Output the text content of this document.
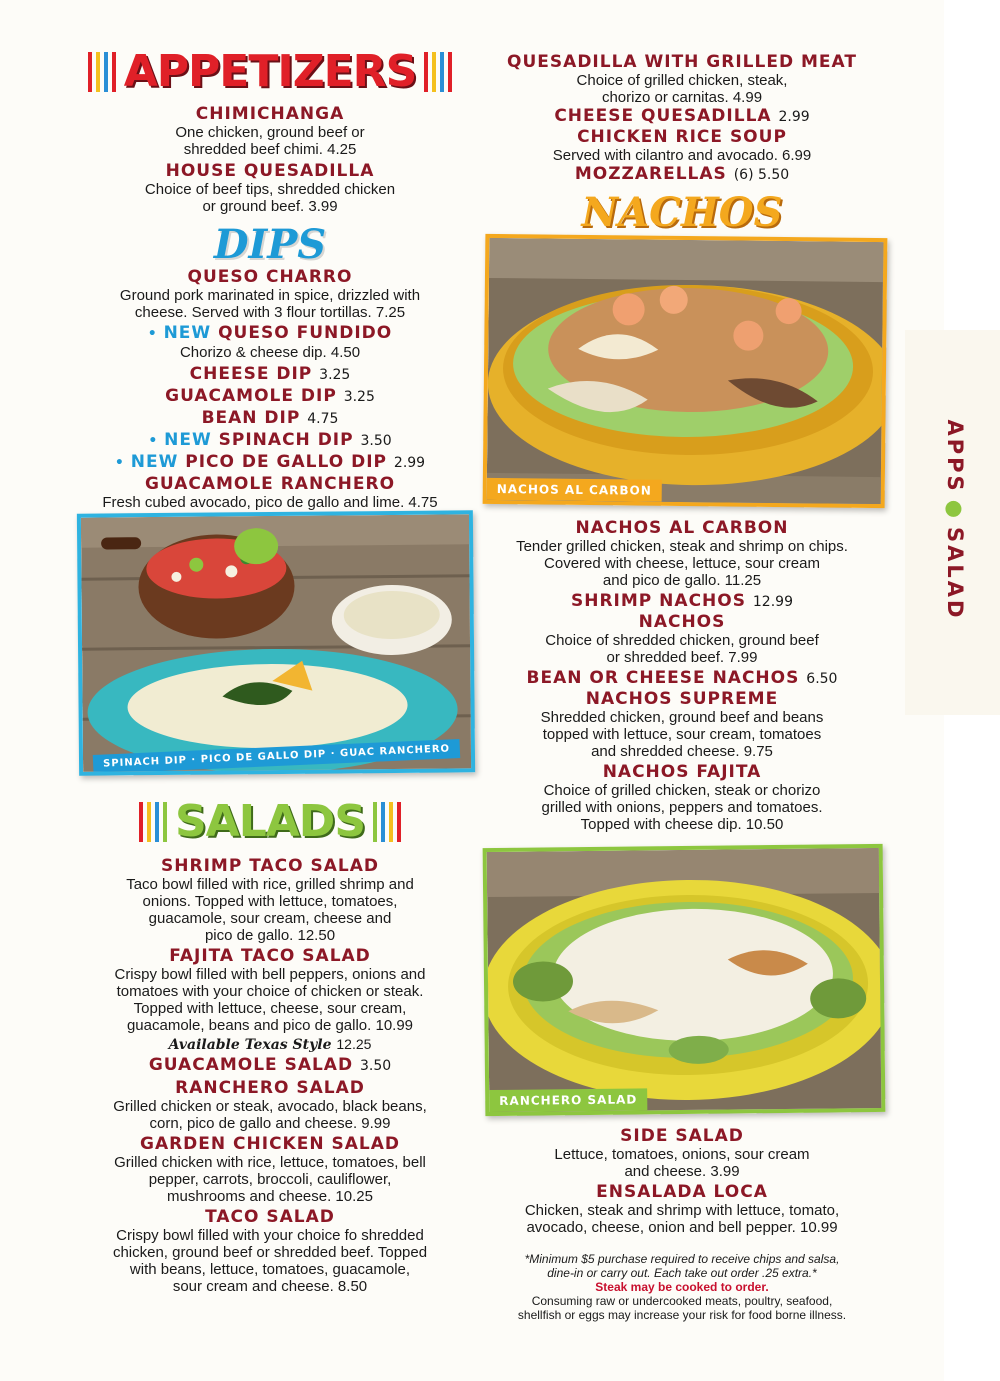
APPS●SALAD
APPETIZERS
CHIMICHANGA
One chicken, ground beef or
shredded beef chimi. 4.25
HOUSE QUESADILLA
Choice of beef tips, shredded chicken
or ground beef. 3.99
DIPS
QUESO CHARRO
Ground pork marinated in spice, drizzled with
cheese. Served with 3 flour tortillas. 7.25
• NEW QUESO FUNDIDO
Chorizo & cheese dip. 4.50
CHEESE DIP 3.25
GUACAMOLE DIP 3.25
BEAN DIP 4.75
• NEW SPINACH DIP 3.50
• NEW PICO DE GALLO DIP 2.99
GUACAMOLE RANCHERO
Fresh cubed avocado, pico de gallo and lime. 4.75
SPINACH DIP · PICO DE GALLO DIP · GUAC RANCHERO
SALADS
SHRIMP TACO SALAD
Taco bowl filled with rice, grilled shrimp and
onions. Topped with lettuce, tomatoes,
guacamole, sour cream, cheese and
pico de gallo. 12.50
FAJITA TACO SALAD
Crispy bowl filled with bell peppers, onions and
tomatoes with your choice of chicken or steak.
Topped with lettuce, cheese, sour cream,
guacamole, beans and pico de gallo. 10.99
Available Texas Style 12.25
GUACAMOLE SALAD 3.50
RANCHERO SALAD
Grilled chicken or steak, avocado, black beans,
corn, pico de gallo and cheese. 9.99
GARDEN CHICKEN SALAD
Grilled chicken with rice, lettuce, tomatoes, bell
pepper, carrots, broccoli, cauliflower,
mushrooms and cheese. 10.25
TACO SALAD
Crispy bowl filled with your choice fo shredded
chicken, ground beef or shredded beef. Topped
with beans, lettuce, tomatoes, guacamole,
sour cream and cheese. 8.50
QUESADILLA WITH GRILLED MEAT
Choice of grilled chicken, steak,
chorizo or carnitas. 4.99
CHEESE QUESADILLA 2.99
CHICKEN RICE SOUP
Served with cilantro and avocado. 6.99
MOZZARELLAS (6) 5.50
NACHOS
NACHOS AL CARBON
NACHOS AL CARBON
Tender grilled chicken, steak and shrimp on chips.
Covered with cheese, lettuce, sour cream
and pico de gallo. 11.25
SHRIMP NACHOS 12.99
NACHOS
Choice of shredded chicken, ground beef
or shredded beef. 7.99
BEAN OR CHEESE NACHOS 6.50
NACHOS SUPREME
Shredded chicken, ground beef and beans
topped with lettuce, sour cream, tomatoes
and shredded cheese. 9.75
NACHOS FAJITA
Choice of grilled chicken, steak or chorizo
grilled with onions, peppers and tomatoes.
Topped with cheese dip. 10.50
RANCHERO SALAD
SIDE SALAD
Lettuce, tomatoes, onions, sour cream
and cheese. 3.99
ENSALADA LOCA
Chicken, steak and shrimp with lettuce, tomato,
avocado, cheese, onion and bell pepper. 10.99
*Minimum $5 purchase required to receive chips and salsa,
dine-in or carry out. Each take out order .25 extra.*
Steak may be cooked to order.
Consuming raw or undercooked meats, poultry, seafood,
shellfish or eggs may increase your risk for food borne illness.
